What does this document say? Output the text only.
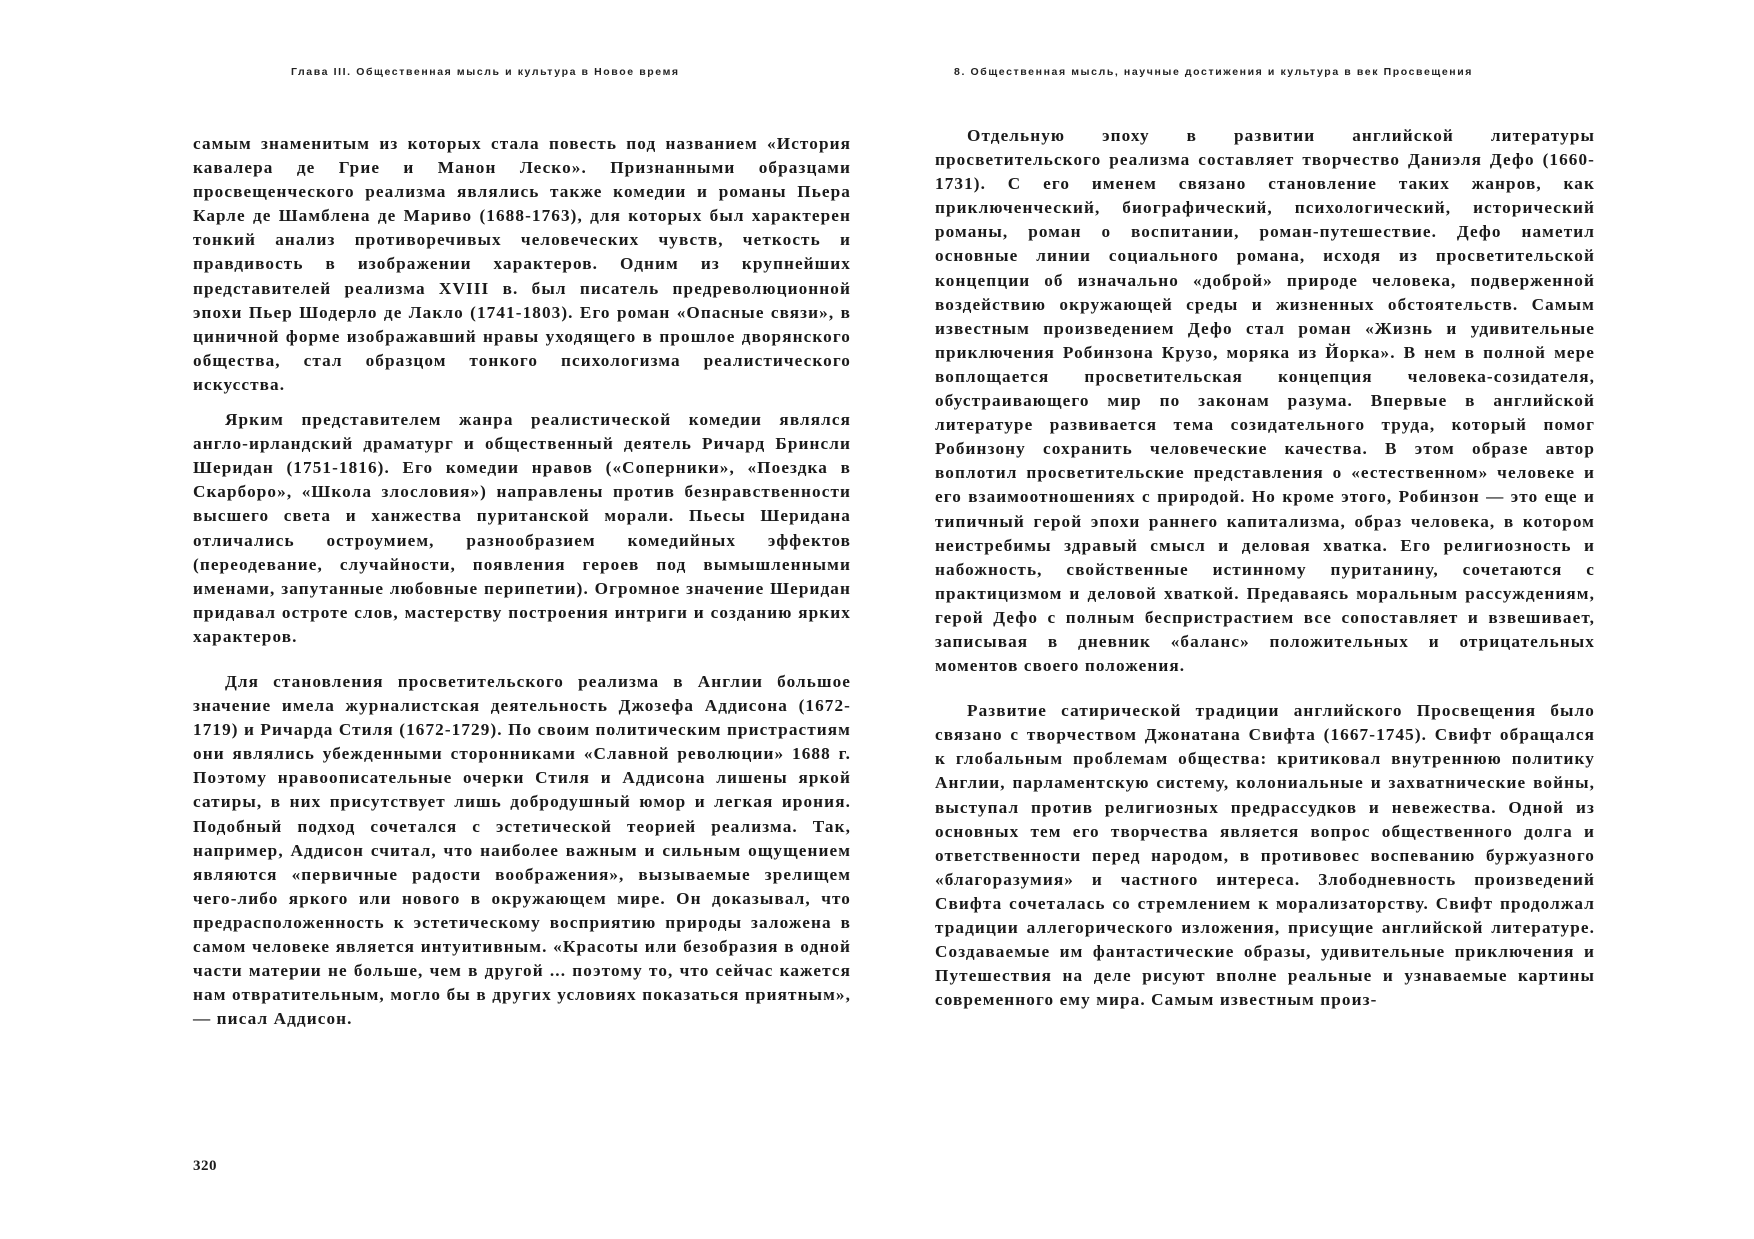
Глава III. Общественная мысль и культура в Новое время

самым знаменитым из которых стала повесть под названием «История кавалера де Грие и Манон Леско». Признанными образцами просвещенческого реализма являлись также комедии и романы Пьера Карле де Шамблена де Мариво (1688-1763), для которых был характерен тонкий анализ противоречивых человеческих чувств, четкость и правдивость в изображении характеров. Одним из крупнейших представителей реализма XVIII в. был писатель предреволюционной эпохи Пьер Шодерло де Лакло (1741-1803). Его роман «Опасные связи», в циничной форме изображавший нравы уходящего в прошлое дворянского общества, стал образцом тонкого психологизма реалистического искусства.

Ярким представителем жанра реалистической комедии являлся англо-ирландский драматург и общественный деятель Ричард Бринсли Шеридан (1751-1816). Его комедии нравов («Соперники», «Поездка в Скарборо», «Школа злословия») направлены против безнравственности высшего света и ханжества пуританской морали. Пьесы Шеридана отличались остроумием, разнообразием комедийных эффектов (переодевание, случайности, появления героев под вымышленными именами, запутанные любовные перипетии). Огромное значение Шеридан придавал остроте слов, мастерству построения интриги и созданию ярких характеров.

Для становления просветительского реализма в Англии большое значение имела журналистская деятельность Джозефа Аддисона (1672-1719) и Ричарда Стиля (1672-1729). По своим политическим пристрастиям они являлись убежденными сторонниками «Славной революции» 1688 г. Поэтому нравоописательные очерки Стиля и Аддисона лишены яркой сатиры, в них присутствует лишь добродушный юмор и легкая ирония. Подобный подход сочетался с эстетической теорией реализма. Так, например, Аддисон считал, что наиболее важным и сильным ощущением являются «первичные радости воображения», вызываемые зрелищем чего-либо яркого или нового в окружающем мире. Он доказывал, что предрасположенность к эстетическому восприятию природы заложена в самом человеке является интуитивным. «Красоты или безобразия в одной части материи не больше, чем в другой ... поэтому то, что сейчас кажется нам отвратительным, могло бы в других условиях показаться приятным», — писал Аддисон.

320
8. Общественная мысль, научные достижения и культура в век Просвещения

Отдельную эпоху в развитии английской литературы просветительского реализма составляет творчество Даниэля Дефо (1660-1731). С его именем связано становление таких жанров, как приключенческий, биографический, психологический, исторический романы, роман о воспитании, роман-путешествие. Дефо наметил основные линии социального романа, исходя из просветительской концепции об изначально «доброй» природе человека, подверженной воздействию окружающей среды и жизненных обстоятельств. Самым известным произведением Дефо стал роман «Жизнь и удивительные приключения Робинзона Крузо, моряка из Йорка». В нем в полной мере воплощается просветительская концепция человека-созидателя, обустраивающего мир по законам разума. Впервые в английской литературе развивается тема созидательного труда, который помог Робинзону сохранить человеческие качества. В этом образе автор воплотил просветительские представления о «естественном» человеке и его взаимоотношениях с природой. Но кроме этого, Робинзон — это еще и типичный герой эпохи раннего капитализма, образ человека, в котором неистребимы здравый смысл и деловая хватка. Его религиозность и набожность, свойственные истинному пуританину, сочетаются с практицизмом и деловой хваткой. Предаваясь моральным рассуждениям, герой Дефо с полным беспристрастием все сопоставляет и взвешивает, записывая в дневник «баланс» положительных и отрицательных моментов своего положения.

Развитие сатирической традиции английского Просвещения было связано с творчеством Джонатана Свифта (1667-1745). Свифт обращался к глобальным проблемам общества: критиковал внутреннюю политику Англии, парламентскую систему, колониальные и захватнические войны, выступал против религиозных предрассудков и невежества. Одной из основных тем его творчества является вопрос общественного долга и ответственности перед народом, в противовес воспеванию буржуазного «благоразумия» и частного интереса. Злободневность произведений Свифта сочеталась со стремлением к морализаторству. Свифт продолжал традиции аллегорического изложения, присущие английской литературе. Создаваемые им фантастические образы, удивительные приключения и Путешествия на деле рисуют вполне реальные и узнаваемые картины современного ему мира. Самым известным произ-
